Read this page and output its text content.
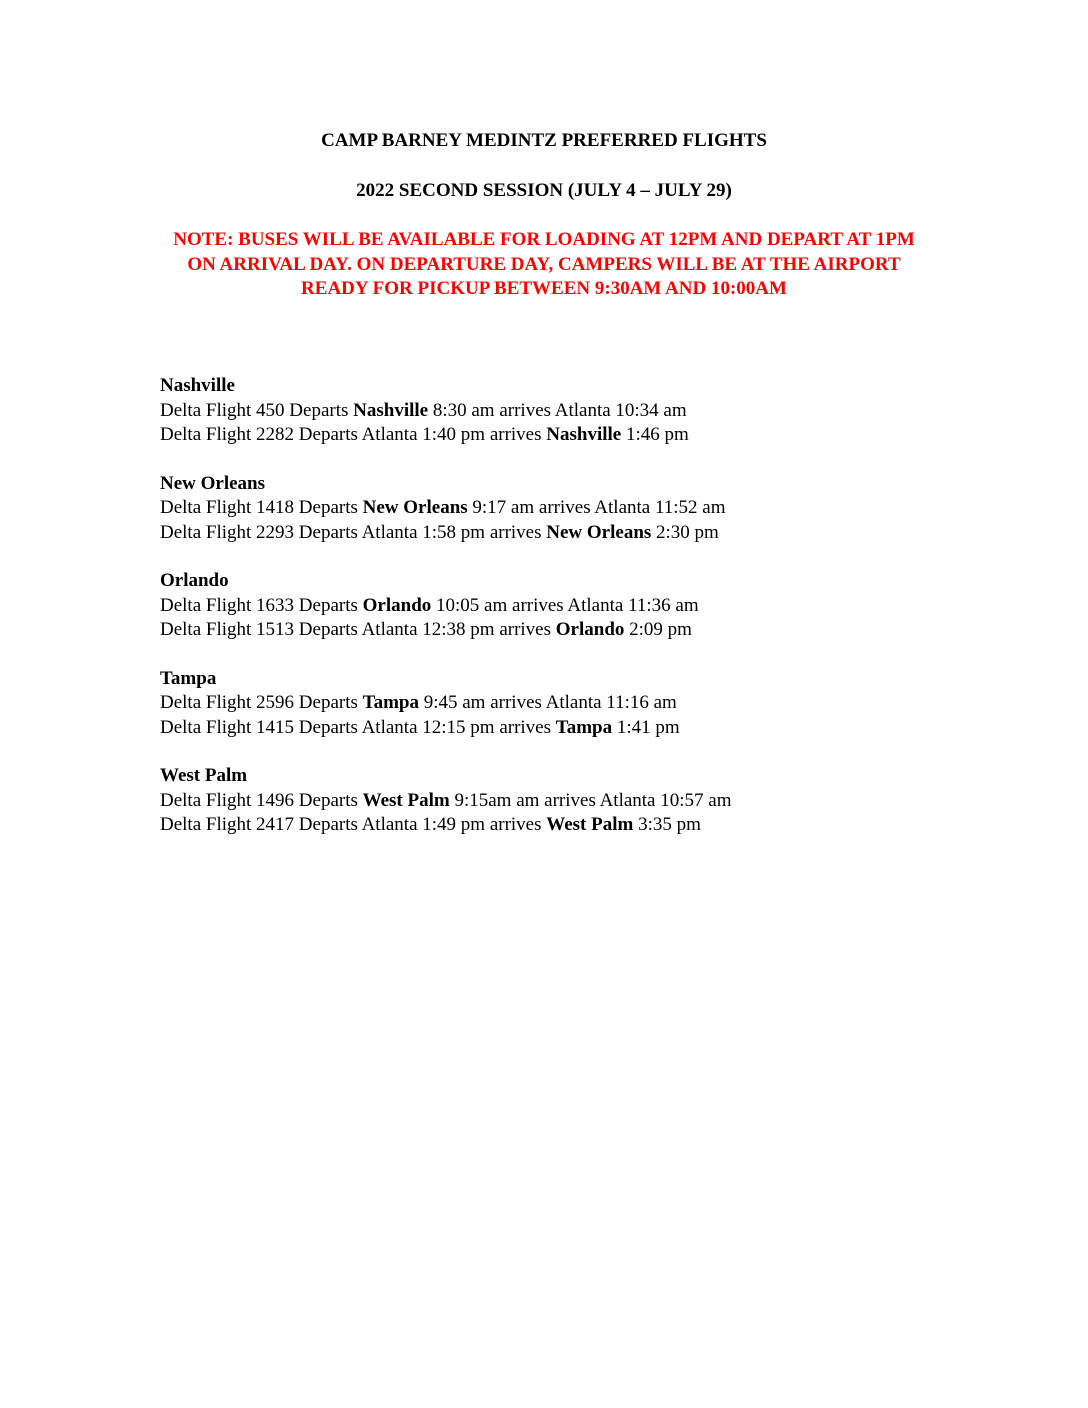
CAMP BARNEY MEDINTZ PREFERRED FLIGHTS
2022 SECOND SESSION (JULY 4 – JULY 29)

NOTE: BUSES WILL BE AVAILABLE FOR LOADING AT 12PM AND DEPART AT 1PM ON ARRIVAL DAY. ON DEPARTURE DAY, CAMPERS WILL BE AT THE AIRPORT READY FOR PICKUP BETWEEN 9:30AM AND 10:00AM

Nashville

Delta Flight 450 Departs Nashville 8:30 am arrives Atlanta 10:34 am

Delta Flight 2282 Departs Atlanta 1:40 pm arrives Nashville 1:46 pm

New Orleans

Delta Flight 1418 Departs New Orleans 9:17 am arrives Atlanta 11:52 am

Delta Flight 2293 Departs Atlanta 1:58 pm arrives New Orleans 2:30 pm

Orlando

Delta Flight 1633 Departs Orlando 10:05 am arrives Atlanta 11:36 am

Delta Flight 1513 Departs Atlanta 12:38 pm arrives Orlando 2:09 pm

Tampa

Delta Flight 2596 Departs Tampa 9:45 am arrives Atlanta 11:16 am

Delta Flight 1415 Departs Atlanta 12:15 pm arrives Tampa 1:41 pm

West Palm

Delta Flight 1496 Departs West Palm 9:15am am arrives Atlanta 10:57 am

Delta Flight 2417 Departs Atlanta 1:49 pm arrives West Palm 3:35 pm
